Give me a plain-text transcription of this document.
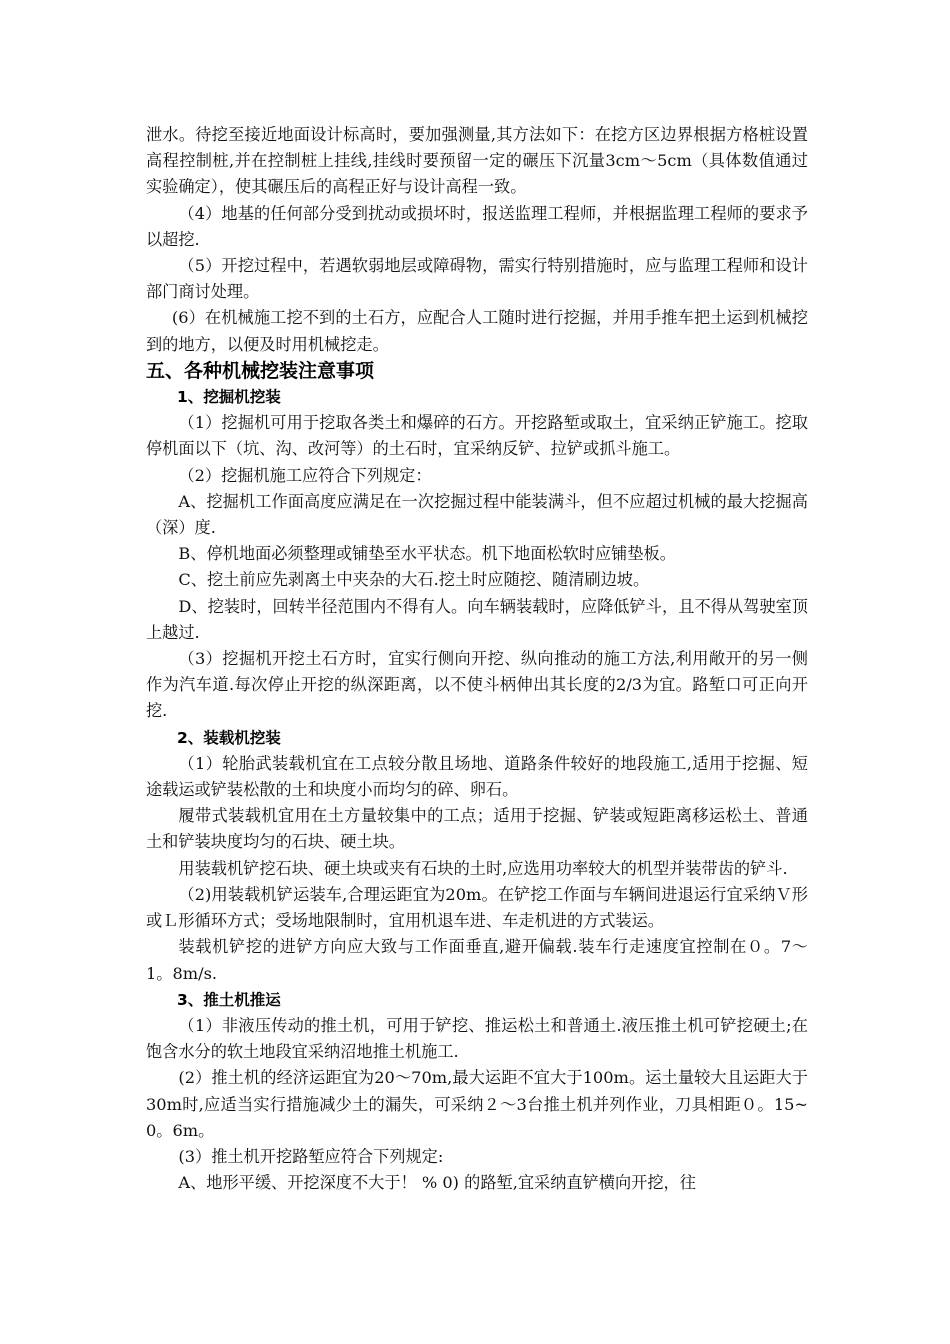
泄水。待挖至接近地面设计标高时，要加强测量,其方法如下：在挖方区边界根据方格桩设置高程控制桩,并在控制桩上挂线,挂线时要预留一定的碾压下沉量3cm～5cm（具体数值通过实验确定），使其碾压后的高程正好与设计高程一致。

（4）地基的任何部分受到扰动或损坏时，报送监理工程师，并根据监理工程师的要求予以超挖.

（5）开挖过程中，若遇软弱地层或障碍物，需实行特别措施时，应与监理工程师和设计部门商讨处理。

(6）在机械施工挖不到的土石方，应配合人工随时进行挖掘，并用手推车把土运到机械挖到的地方，以便及时用机械挖走。

五、各种机械挖装注意事项
1、挖掘机挖装

（1）挖掘机可用于挖取各类土和爆碎的石方。开挖路堑或取土，宜采纳正铲施工。挖取停机面以下（坑、沟、改河等）的土石时，宜采纳反铲、拉铲或抓斗施工。

（2）挖掘机施工应符合下列规定：

A、挖掘机工作面高度应满足在一次挖掘过程中能装满斗，但不应超过机械的最大挖掘高（深）度.

B、停机地面必须整理或铺垫至水平状态。机下地面松软时应铺垫板。

C、挖土前应先剥离土中夹杂的大石.挖土时应随挖、随清刷边坡。

D、挖装时，回转半径范围内不得有人。向车辆装载时，应降低铲斗，且不得从驾驶室顶上越过.

（3）挖掘机开挖土石方时，宜实行侧向开挖、纵向推动的施工方法,利用敞开的另一侧作为汽车道.每次停止开挖的纵深距离，以不使斗柄伸出其长度的2/3为宜。路堑口可正向开挖.

2、装载机挖装

（1）轮胎武装载机宜在工点较分散且场地、道路条件较好的地段施工,适用于挖掘、短途载运或铲装松散的土和块度小而均匀的碎、卵石。

履带式装载机宜用在土方量较集中的工点；适用于挖掘、铲装或短距离移运松土、普通土和铲装块度均匀的石块、硬土块。

用装载机铲挖石块、硬土块或夹有石块的土时,应选用功率较大的机型并装带齿的铲斗.

（2)用装载机铲运装车,合理运距宜为20m。在铲挖工作面与车辆间进退运行宜采纳Ｖ形或Ｌ形循环方式；受场地限制时，宜用机退车进、车走机进的方式装运。

装载机铲挖的进铲方向应大致与工作面垂直,避开偏载.装车行走速度宜控制在０。7～1。8m/s.

3、推土机推运

（1）非液压传动的推土机，可用于铲挖、推运松土和普通土.液压推土机可铲挖硬土;在饱含水分的软土地段宜采纳沼地推土机施工.

(2）推土机的经济运距宜为20～70m,最大运距不宜大于100m。运土量较大且运距大于30m时,应适当实行措施减少土的漏失，可采纳２～3台推土机并列作业，刀具相距０。15~0。6m。

(3）推土机开挖路堑应符合下列规定:

A、地形平缓、开挖深度不大于！ % 0) 的路堑,宜采纳直铲横向开挖，往
